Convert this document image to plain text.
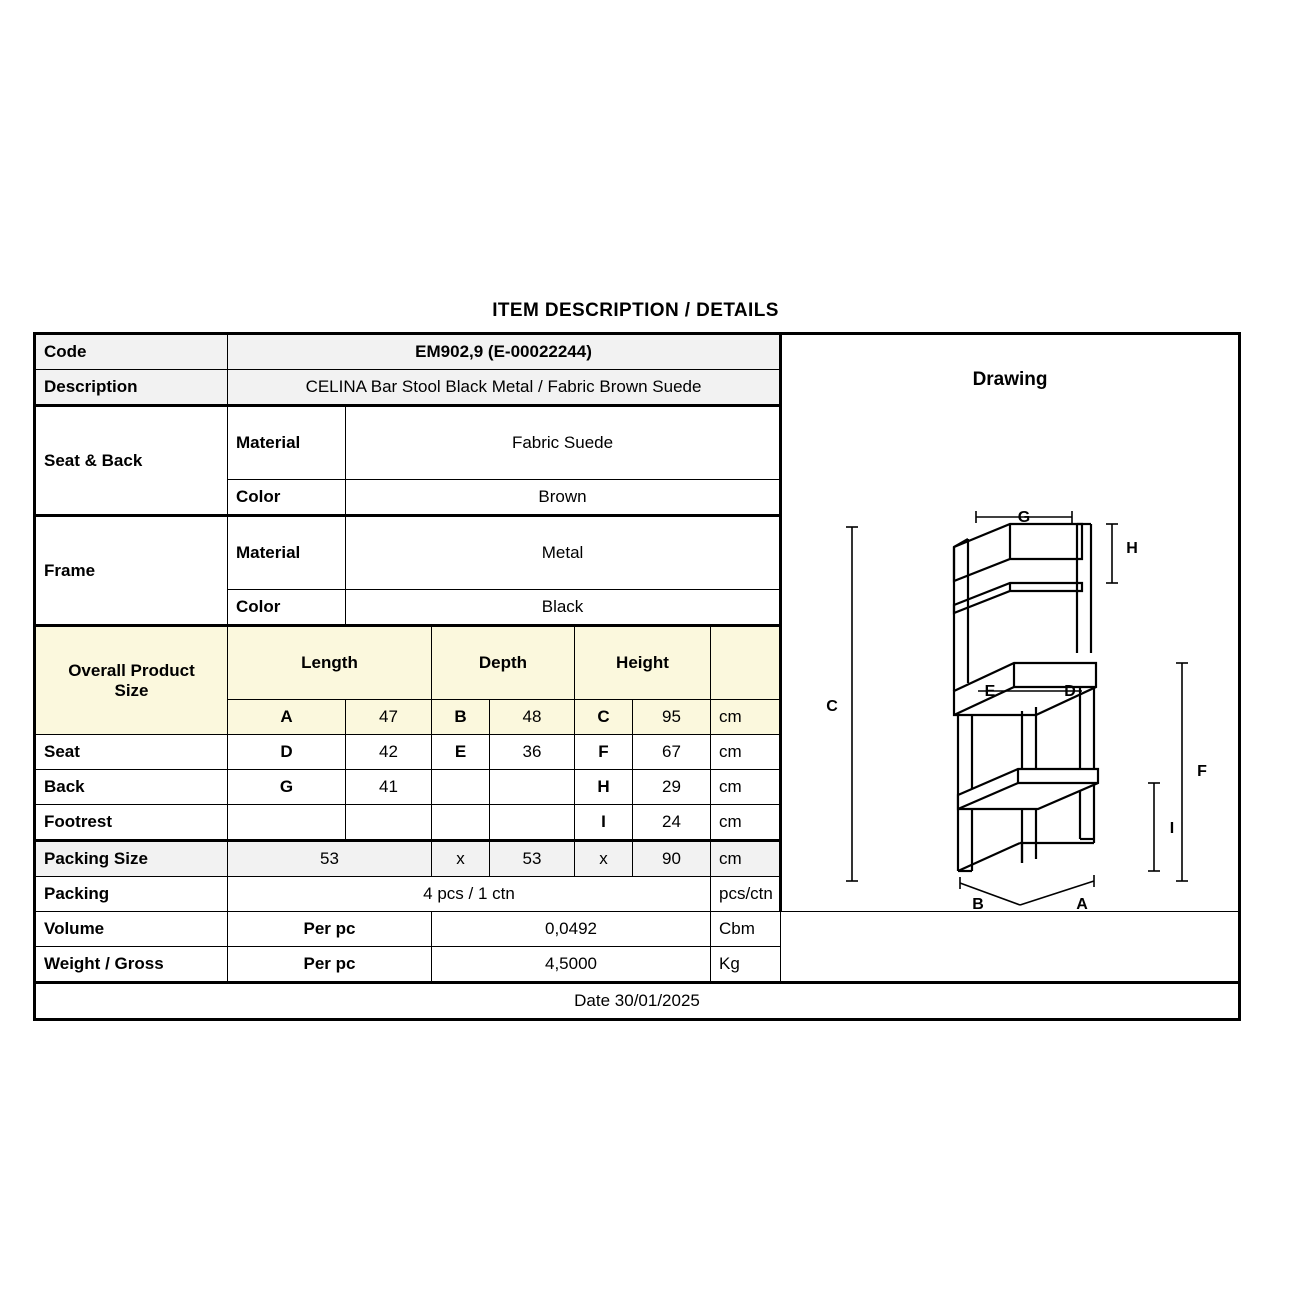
ITEM DESCRIPTION / DETAILS
Code	EM902,9 (E-00022244)	
Drawing
G
H
E	D
C
F
I
B	A

Description	CELINA Bar Stool Black Metal / Fabric Brown Suede							
Seat & Back	Material	Fabric Suede						
	Color	Brown						
Frame	Material	Metal						
	Color	Black						
Overall Product
Size	Length		Depth		Height			
	A	47	B	48	C	95	cm	
Seat	D	42	E	36	F	67	cm	
Back	G	41			H	29	cm	
Footrest					I	24	cm	
Packing Size	53		x	53	x	90	cm	
Packing	4 pcs / 1 ctn						pcs/ctn	
Volume	Per pc		0,0492				Cbm	
Weight / Gross	Per pc		4,5000				Kg	
Date 30/01/2025								
